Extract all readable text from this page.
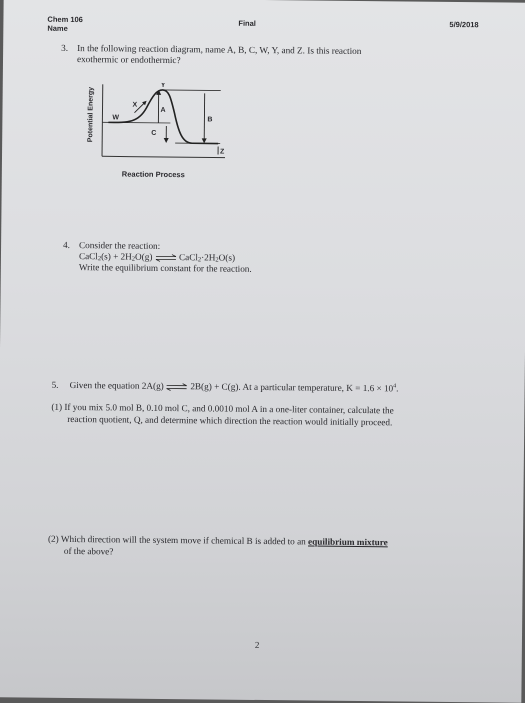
Chem 106
Name
Final	5/9/2018
3. In the following reaction diagram, name A, B, C, W, Y, and Z. Is this reaction
exothermic or endothermic?
Potential Energy
Y
X
A
W	B
C
Z
Reaction Process
4. Consider the reaction:
CaCl2(s) + 2H2O(g) ⇌ CaCl2·2H2O(s)
Write the equilibrium constant for the reaction.
5. Given the equation 2A(g) ⇌ 2B(g) + C(g). At a particular temperature, $K = 1.6 \times 10^4$.
(1) If you mix 5.0 mol B, 0.10 mol C, and 0.0010 mol A in a one-liter container, calculate the
reaction quotient, Q, and determine which direction the reaction would initially proceed.
(2) Which direction will the system move if chemical B is added to an equilibrium mixture
of the above?
2
